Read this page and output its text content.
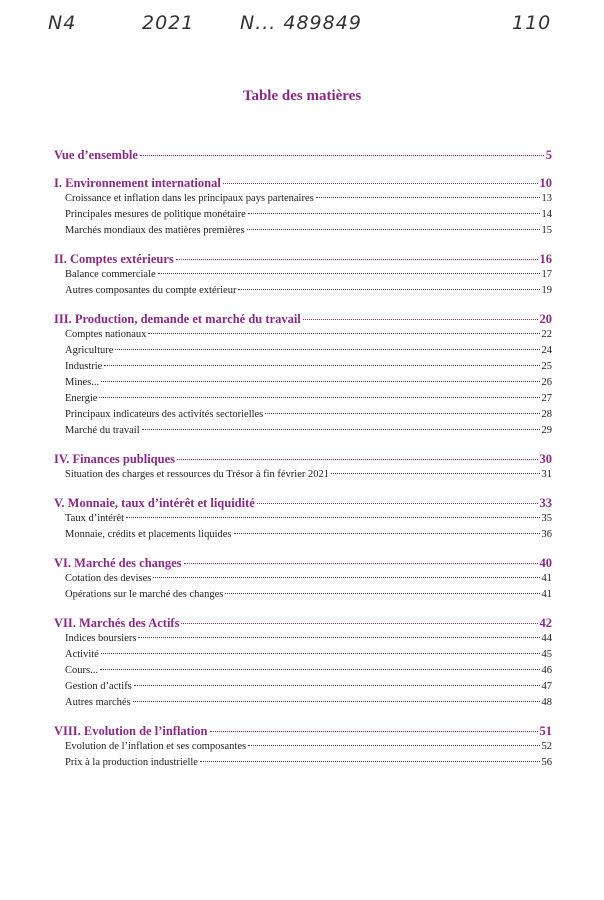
N4	2021 N... 489849	110
Table des matières
Vue d’ensemble	5
I. Environnement international	10
Croissance et inflation dans les principaux pays partenaires	13
Principales mesures de politique monétaire	14
Marchés mondiaux des matières premières	15
II. Comptes extérieurs	16
Balance commerciale	17
Autres composantes du compte extérieur	19
III. Production, demande et marché du travail	20
Comptes nationaux	22
Agriculture	24
Industrie	25
Mines...	26
Energie	27
Principaux indicateurs des activités sectorielles	28
Marché du travail	29
IV. Finances publiques	30
Situation des charges et ressources du Trésor à fin février 2021	31
V. Monnaie, taux d’intérêt et liquidité	33
Taux d’intérêt	35
Monnaie, crédits et placements liquides	36
VI. Marché des changes	40
Cotation des devises	41
Opérations sur le marché des changes	41
VII. Marchés des Actifs	42
Indices boursiers	44
Activité	45
Cours...	46
Gestion d’actifs	47
Autres marchés	48
VIII. Evolution de l’inflation	51
Evolution de l’inflation et ses composantes	52
Prix à la production industrielle	56
